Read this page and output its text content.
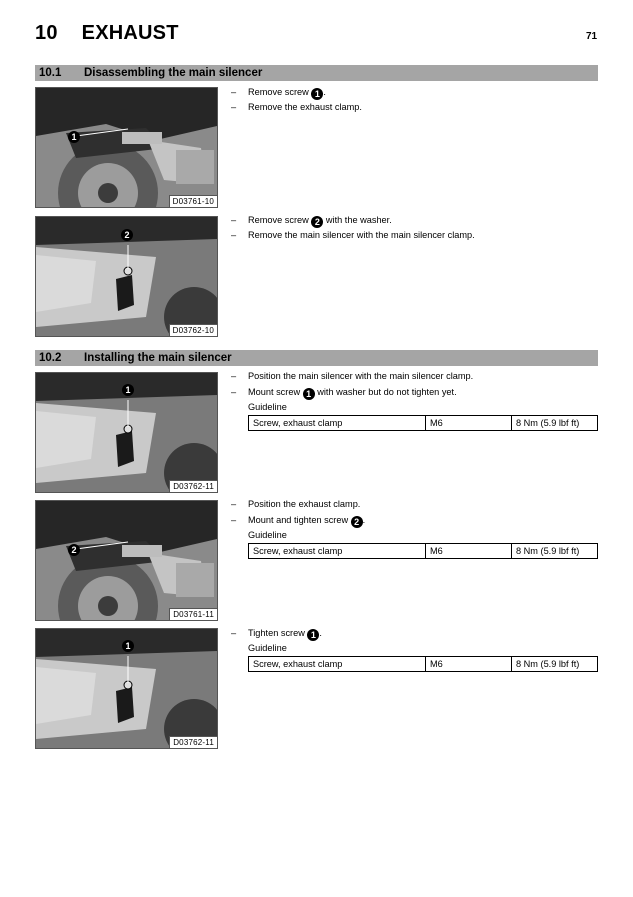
10 EXHAUST	71
10.1 Disassembling the main silencer
1
D03761-10
2
D03762-10
– Remove screw 1 .
– Remove the exhaust clamp.
– Remove screw 2 with the washer.
– Remove the main silencer with the main silencer clamp.
10.2 Installing the main silencer
1
D03762-11
2
D03761-11
1
D03762-11
– Position the main silencer with the main silencer clamp.
– Mount screw 1 with washer but do not tighten yet.
Guideline
Screw, exhaust clamp	M6	8 Nm (5.9 lbf ft)
– Position the exhaust clamp.
– Mount and tighten screw 2 .
Guideline
Screw, exhaust clamp	M6	8 Nm (5.9 lbf ft)
– Tighten screw 1 .
Guideline
Screw, exhaust clamp	M6	8 Nm (5.9 lbf ft)
